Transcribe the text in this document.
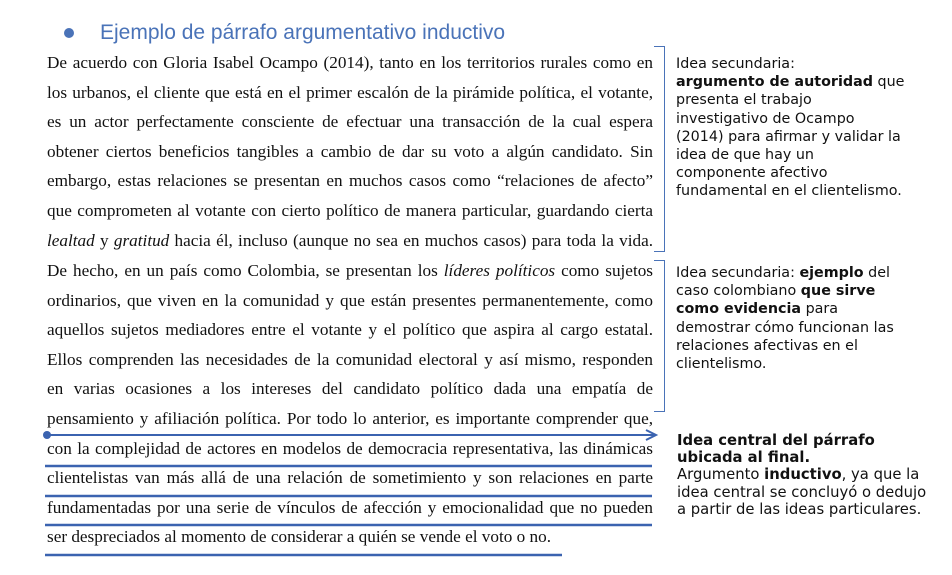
Ejemplo de párrafo argumentativo inductivo
De acuerdo con Gloria Isabel Ocampo (2014), tanto en los territorios rurales como en
los urbanos, el cliente que está en el primer escalón de la pirámide política, el votante,
es un actor perfectamente consciente de efectuar una transacción de la cual espera
obtener ciertos beneficios tangibles a cambio de dar su voto a algún candidato. Sin
embargo, estas relaciones se presentan en muchos casos como “relaciones de afecto”
que comprometen al votante con cierto político de manera particular, guardando cierta
lealtad y gratitud hacia él, incluso (aunque no sea en muchos casos) para toda la vida.
De hecho, en un país como Colombia, se presentan los líderes políticos como sujetos
ordinarios, que viven en la comunidad y que están presentes permanentemente, como
aquellos sujetos mediadores entre el votante y el político que aspira al cargo estatal.
Ellos comprenden las necesidades de la comunidad electoral y así mismo, responden
en varias ocasiones a los intereses del candidato político dada una empatía de
pensamiento y afiliación política. Por todo lo anterior, es importante comprender que,
con la complejidad de actores en modelos de democracia representativa, las dinámicas
clientelistas van más allá de una relación de sometimiento y son relaciones en parte
fundamentadas por una serie de vínculos de afección y emocionalidad que no pueden
ser despreciados al momento de considerar a quién se vende el voto o no.
Idea secundaria:
argumento de autoridad que presenta el trabajo investigativo de Ocampo (2014) para afirmar y validar la idea de que hay un componente afectivo fundamental en el clientelismo.
Idea secundaria: ejemplo del caso colombiano que sirve como evidencia para demostrar cómo funcionan las relaciones afectivas en el clientelismo.
Idea central del párrafo ubicada al final.
Argumento inductivo, ya que la idea central se concluyó o dedujo a partir de las ideas particulares.
